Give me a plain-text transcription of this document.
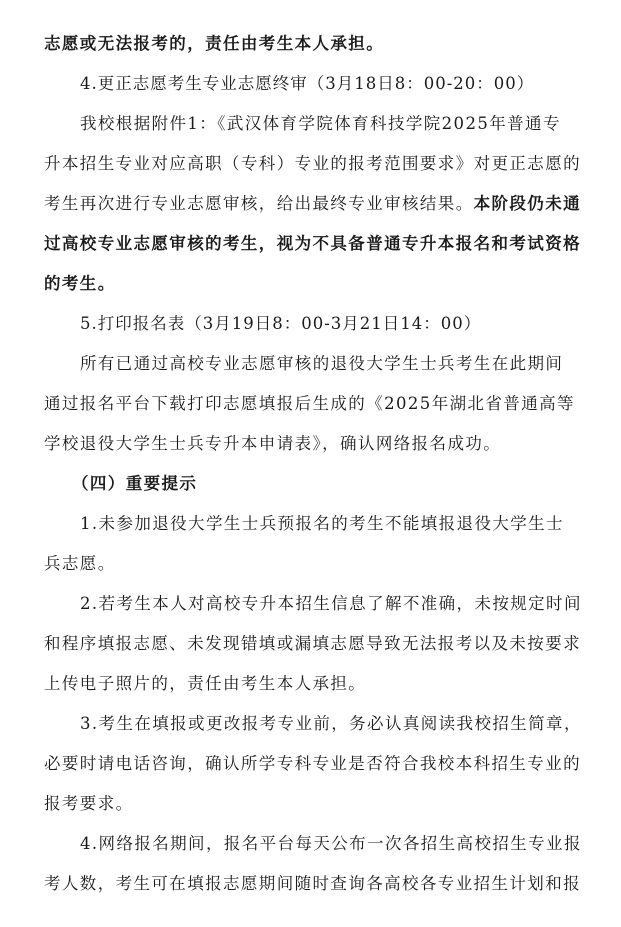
志愿或无法报考的，责任由考生本人承担。
4.更正志愿考生专业志愿终审（3月18日8：00-20：00）
我校根据附件1：《武汉体育学院体育科技学院2025年普通专
升本招生专业对应高职（专科）专业的报考范围要求》对更正志愿的
考生再次进行专业志愿审核，给出最终专业审核结果。本阶段仍未通
过高校专业志愿审核的考生，视为不具备普通专升本报名和考试资格
的考生。
5.打印报名表（3月19日8：00-3月21日14：00）
所有已通过高校专业志愿审核的退役大学生士兵考生在此期间
通过报名平台下载打印志愿填报后生成的《2025年湖北省普通高等
学校退役大学生士兵专升本申请表》，确认网络报名成功。
（四）重要提示
1.未参加退役大学生士兵预报名的考生不能填报退役大学生士
兵志愿。
2.若考生本人对高校专升本招生信息了解不准确，未按规定时间
和程序填报志愿、未发现错填或漏填志愿导致无法报考以及未按要求
上传电子照片的，责任由考生本人承担。
3.考生在填报或更改报考专业前，务必认真阅读我校招生简章，
必要时请电话咨询，确认所学专科专业是否符合我校本科招生专业的
报考要求。
4.网络报名期间，报名平台每天公布一次各招生高校招生专业报
考人数，考生可在填报志愿期间随时查询各高校各专业招生计划和报
